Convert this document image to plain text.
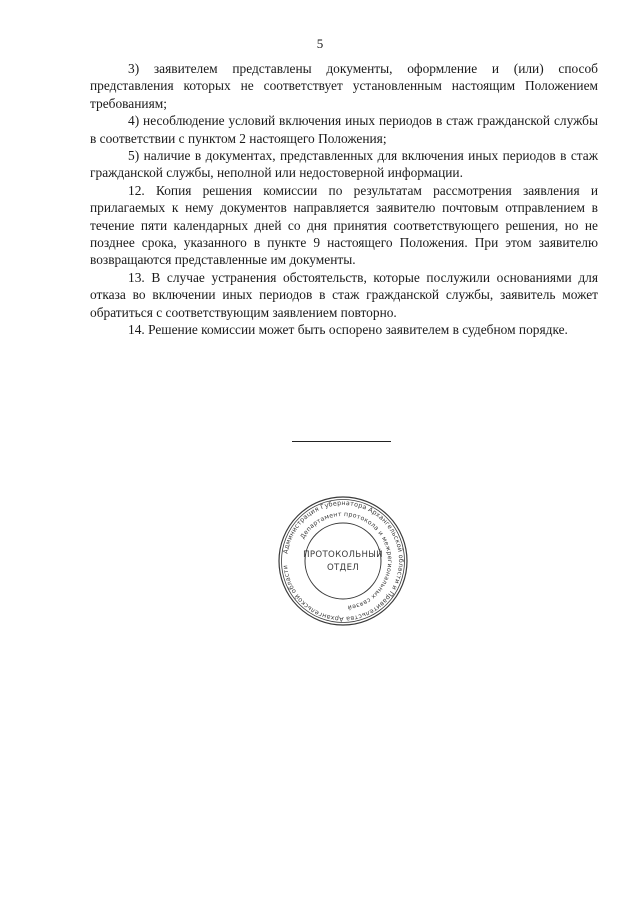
5

3) заявителем представлены документы, оформление и (или) способ представления которых не соответствует установленным настоящим Положением требованиям;

4) несоблюдение условий включения иных периодов в стаж гражданской службы в соответствии с пунктом 2 настоящего Положения;

5) наличие в документах, представленных для включения иных периодов в стаж гражданской службы, неполной или недостоверной информации.

12. Копия решения комиссии по результатам рассмотрения заявления и прилагаемых к нему документов направляется заявителю почтовым отправлением в течение пяти календарных дней со дня принятия соответствующего решения, но не позднее срока, указанного в пункте 9 настоящего Положения. При этом заявителю возвращаются представленные им документы.

13. В случае устранения обстоятельств, которые послужили основаниями для отказа во включении иных периодов в стаж гражданской службы, заявитель может обратиться с соответствующим заявлением повторно.

14. Решение комиссии может быть оспорено заявителем в судебном порядке.

Администрация Губернатора Архангельской области и Правительства Архангельской области
Департамент протокола и межрегиональных связей
ПРОТОКОЛЬНЫЙ
ОТДЕЛ
